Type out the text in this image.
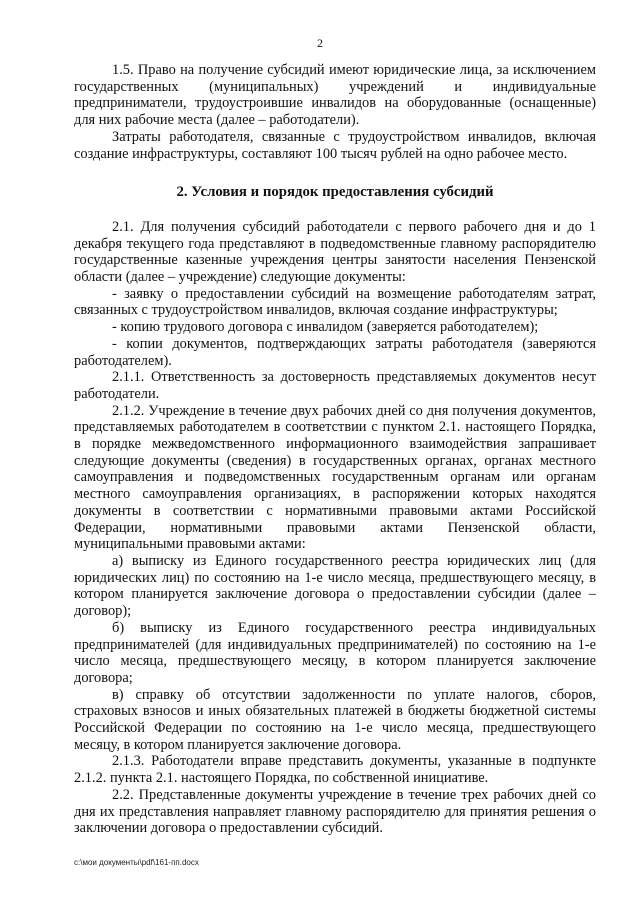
2

1.5. Право на получение субсидий имеют юридические лица, за исключением государственных (муниципальных) учреждений и индивидуальные предприниматели, трудоустроившие инвалидов на оборудованные (оснащенные) для них рабочие места (далее – работодатели).

Затраты работодателя, связанные с трудоустройством инвалидов, включая создание инфраструктуры, составляют 100 тысяч рублей на одно рабочее место.

2. Условия и порядок предоставления субсидий

2.1. Для получения субсидий работодатели с первого рабочего дня и до 1 декабря текущего года представляют в подведомственные главному распорядителю государственные казенные учреждения центры занятости населения Пензенской области (далее – учреждение) следующие документы:

- заявку о предоставлении субсидий на возмещение работодателям затрат, связанных с трудоустройством инвалидов, включая создание инфраструктуры;

- копию трудового договора с инвалидом (заверяется работодателем);

- копии документов, подтверждающих затраты работодателя (заверяются работодателем).

2.1.1. Ответственность за достоверность представляемых документов несут работодатели.

2.1.2. Учреждение в течение двух рабочих дней со дня получения документов, представляемых работодателем в соответствии с пунктом 2.1. настоящего Порядка, в порядке межведомственного информационного взаимодействия запрашивает следующие документы (сведения) в государственных органах, органах местного самоуправления и подведомственных государственным органам или органам местного самоуправления организациях, в распоряжении которых находятся документы в соответствии с нормативными правовыми актами Российской Федерации, нормативными правовыми актами Пензенской области, муниципальными правовыми актами:

а) выписку из Единого государственного реестра юридических лиц (для юридических лиц) по состоянию на 1-е число месяца, предшествующего месяцу, в котором планируется заключение договора о предоставлении субсидии (далее – договор);

б) выписку из Единого государственного реестра индивидуальных предпринимателей (для индивидуальных предпринимателей) по состоянию на 1-е число месяца, предшествующего месяцу, в котором планируется заключение договора;

в) справку об отсутствии задолженности по уплате налогов, сборов, страховых взносов и иных обязательных платежей в бюджеты бюджетной системы Российской Федерации по состоянию на 1-е число месяца, предшествующего месяцу, в котором планируется заключение договора.

2.1.3. Работодатели вправе представить документы, указанные в подпункте 2.1.2. пункта 2.1. настоящего Порядка, по собственной инициативе.

2.2. Представленные документы учреждение в течение трех рабочих дней со дня их представления направляет главному распорядителю для принятия решения о заключении договора о предоставлении субсидий.

c:\мои документы\pdf\161-пп.docx
